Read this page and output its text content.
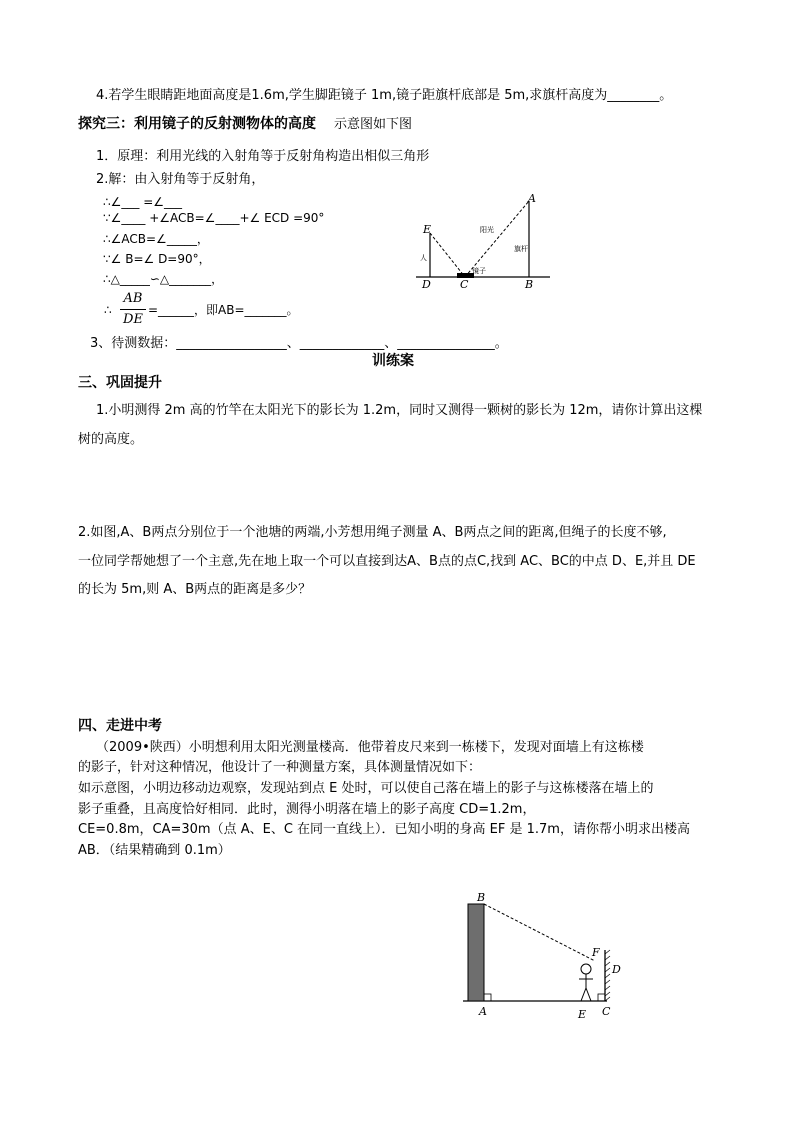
4.若学生眼睛距地面高度是1.6m,学生脚距镜子 1m,镜子距旗杆底部是 5m,求旗杆高度为________。
探究三：利用镜子的反射测物体的高度 示意图如下图
1．原理：利用光线的入射角等于反射角构造出相似三角形
2.解：由入射角等于反射角，
∴∠___ =∠___
∵∠____ +∠ACB=∠____+∠ ECD =90°
∴∠ACB=∠_____，
∵∠ B=∠ D=90°，
∴△_____∽△_______，
∴
AB
DE
=______，即AB=_______。
3、待测数据：_________________、_____________、_______________。
训练案
E
D	C	B
A
人
阳光
旗杆
镜子
三、巩固提升
1.小明测得 2m 高的竹竿在太阳光下的影长为 1.2m，同时又测得一颗树的影长为 12m，请你计算出这棵
树的高度。
2.如图,A、B两点分别位于一个池塘的两端,小芳想用绳子测量 A、B两点之间的距离,但绳子的长度不够,
一位同学帮她想了一个主意,先在地上取一个可以直接到达A、B点的点C,找到 AC、BC的中点 D、E,并且 DE
的长为 5m,则 A、B两点的距离是多少？
四、走进中考
（2009•陕西）小明想利用太阳光测量楼高．他带着皮尺来到一栋楼下，发现对面墙上有这栋楼
的影子，针对这种情况，他设计了一种测量方案，具体测量情况如下：
如示意图，小明边移动边观察，发现站到点 E 处时，可以使自己落在墙上的影子与这栋楼落在墙上的
影子重叠，且高度恰好相同．此时，测得小明落在墙上的影子高度 CD=1.2m，
CE=0.8m，CA=30m（点 A、E、C 在同一直线上）．已知小明的身高 EF 是 1.7m，请你帮小明求出楼高
AB．（结果精确到 0.1m）
B
A	E C
F
D
